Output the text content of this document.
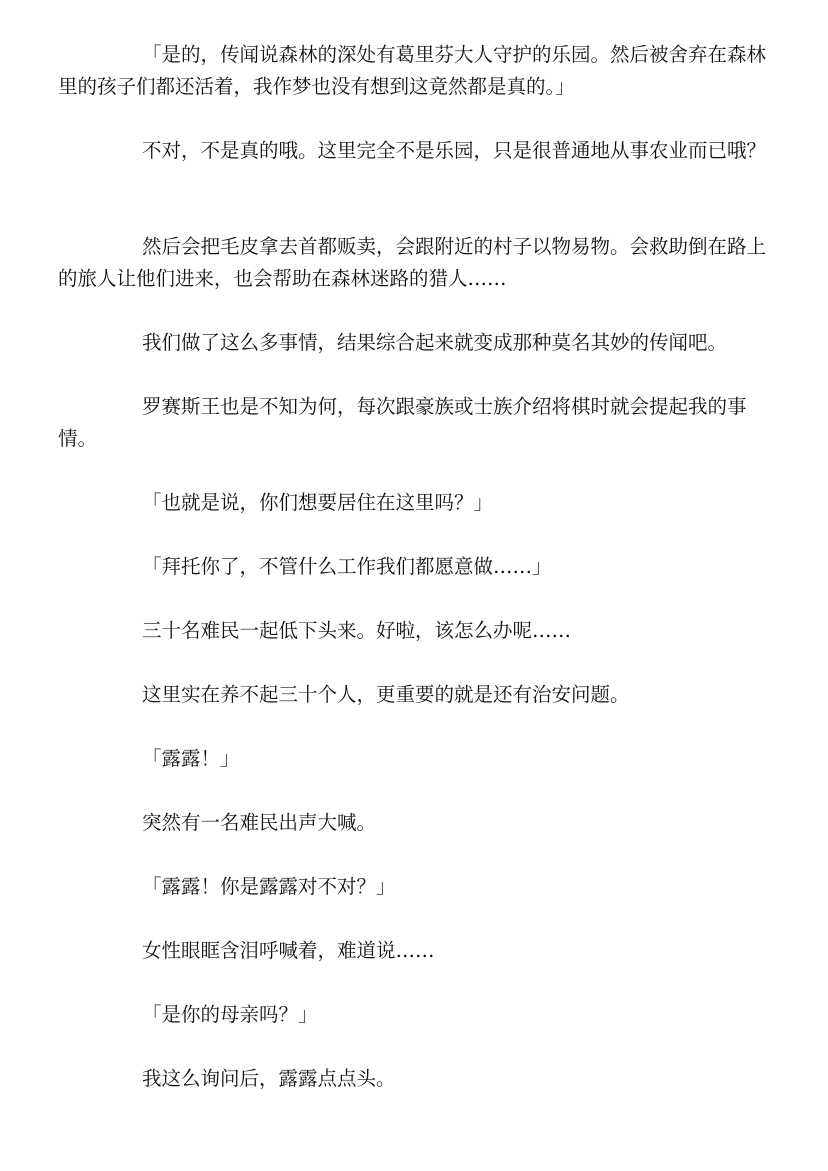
「是的，传闻说森林的深处有葛里芬大人守护的乐园。然后被舍弃在森林里的孩子们都还活着，我作梦也没有想到这竟然都是真的。」

不对，不是真的哦。这里完全不是乐园，只是很普通地从事农业而已哦？

然后会把毛皮拿去首都贩卖，会跟附近的村子以物易物。会救助倒在路上的旅人让他们进来，也会帮助在森林迷路的猎人……

我们做了这么多事情，结果综合起来就变成那种莫名其妙的传闻吧。

罗赛斯王也是不知为何，每次跟豪族或士族介绍将棋时就会提起我的事情。

「也就是说，你们想要居住在这里吗？」

「拜托你了，不管什么工作我们都愿意做……」

三十名难民一起低下头来。好啦，该怎么办呢……

这里实在养不起三十个人，更重要的就是还有治安问题。

「露露！」

突然有一名难民出声大喊。

「露露！你是露露对不对？」

女性眼眶含泪呼喊着，难道说……

「是你的母亲吗？」

我这么询问后，露露点点头。
